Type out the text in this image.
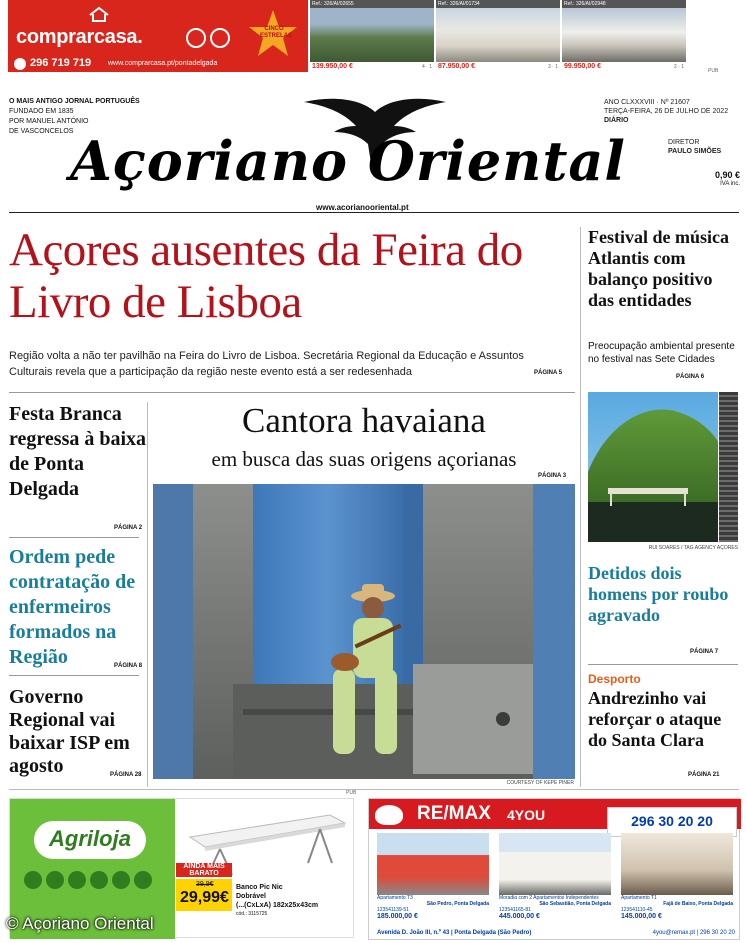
comprarcasa.	CINCO
ESTRELAS
296 719 719 www.comprarcasa.pt/pontadelgada
Ref.: 326/AI/02655
139.950,00 €	4 · 1
Ref.: 326/AI/01734
87.950,00 €	3 · 1
Ref.: 326/AI/02948
99.950,00 €	2 · 1
PUB
O MAIS ANTIGO JORNAL PORTUGUÊS
FUNDADO EM 1835
POR MANUEL ANTÓNIO
DE VASCONCELOS
Açoriano Oriental
ANO CLXXXVIII · Nº 21607
TERÇA-FEIRA, 26 DE JULHO DE 2022
DIÁRIO
DIRETOR
PAULO SIMÕES
0,90 €
IVA inc.
www.acorianooriental.pt
Açores ausentes da Feira do Livro de Lisboa
Região volta a não ter pavilhão na Feira do Livro de Lisboa. Secretária Regional da Educação e Assuntos Culturais revela que a participação da região neste evento está a ser redesenhada	PÁGINA 5
Festival de música Atlantis com balanço positivo das entidades
Preocupação ambiental presente no festival nas Sete Cidades
PÁGINA 6
RUI SOARES / TAG AGENCY AÇORES
Detidos dois homens por roubo agravado
PÁGINA 7
Desporto
Andrezinho vai reforçar o ataque do Santa Clara
PÁGINA 21
Festa Branca regressa à baixa de Ponta Delgada
PÁGINA 2
Ordem pede contratação de enfermeiros formados na Região	PÁGINA 8
Governo Regional vai baixar ISP em agosto	PÁGINA 28
Cantora havaiana
em busca das suas origens açorianas
PÁGINA 3
COURTESY OF KEPE PINER
PUB
Agriloja
AINDA MAIS
BARATO
39,9€
29,99€
Banco Pic Nic
Dobrável
(...(CxLxA) 182x25x43cm
cód.: 3115725
RE/MAX 4YOU	296 30 20 20
Apartamento T3
São Pedro, Ponta Delgada
123541139-51
185.000,00 €
Moradia com 2 Apartamentos Independentes
São Sebastião, Ponta Delgada
123541165-81
445.000,00 €
Apartamento T1
Fajã de Baixo, Ponta Delgada
123541110-45
145.000,00 €
Avenida D. João III, n.º 43 | Ponta Delgada (São Pedro)	4you@remax.pt | 296 30 20 20
© Açoriano Oriental
